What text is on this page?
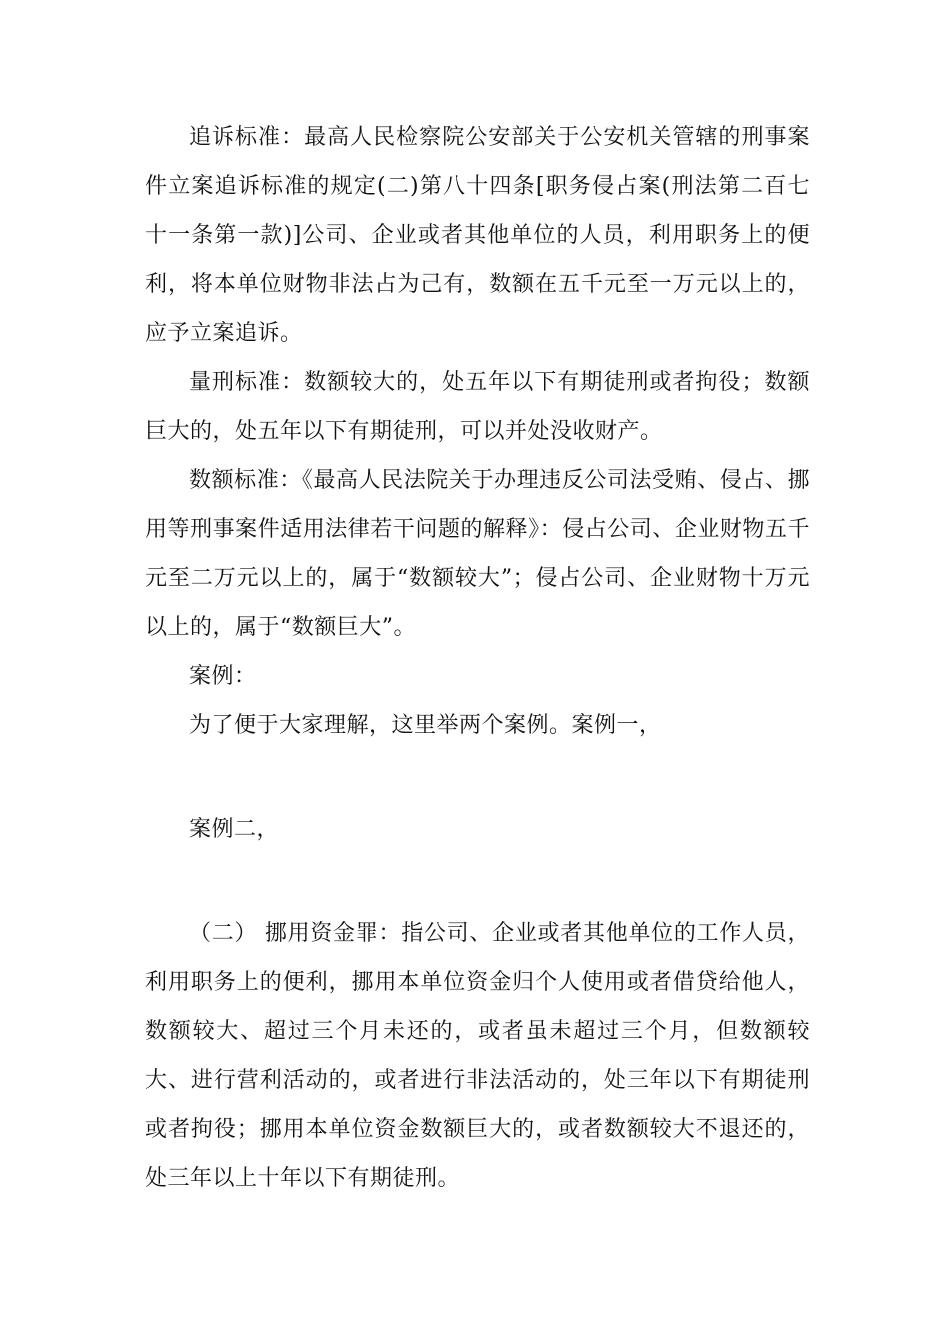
追诉标准：最高人民检察院公安部关于公安机关管辖的刑事案件立案追诉标准的规定(二)第八十四条[职务侵占案(刑法第二百七十一条第一款)]公司、企业或者其他单位的人员，利用职务上的便利，将本单位财物非法占为己有，数额在五千元至一万元以上的，应予立案追诉。

量刑标准：数额较大的，处五年以下有期徒刑或者拘役；数额巨大的，处五年以下有期徒刑，可以并处没收财产。

数额标准：《最高人民法院关于办理违反公司法受贿、侵占、挪用等刑事案件适用法律若干问题的解释》：侵占公司、企业财物五千元至二万元以上的，属于“数额较大”；侵占公司、企业财物十万元以上的，属于“数额巨大”。

案例：

为了便于大家理解，这里举两个案例。案例一，

案例二，

（二） 挪用资金罪：指公司、企业或者其他单位的工作人员，利用职务上的便利，挪用本单位资金归个人使用或者借贷给他人，数额较大、超过三个月未还的，或者虽未超过三个月，但数额较大、进行营利活动的，或者进行非法活动的，处三年以下有期徒刑或者拘役；挪用本单位资金数额巨大的，或者数额较大不退还的，处三年以上十年以下有期徒刑。
